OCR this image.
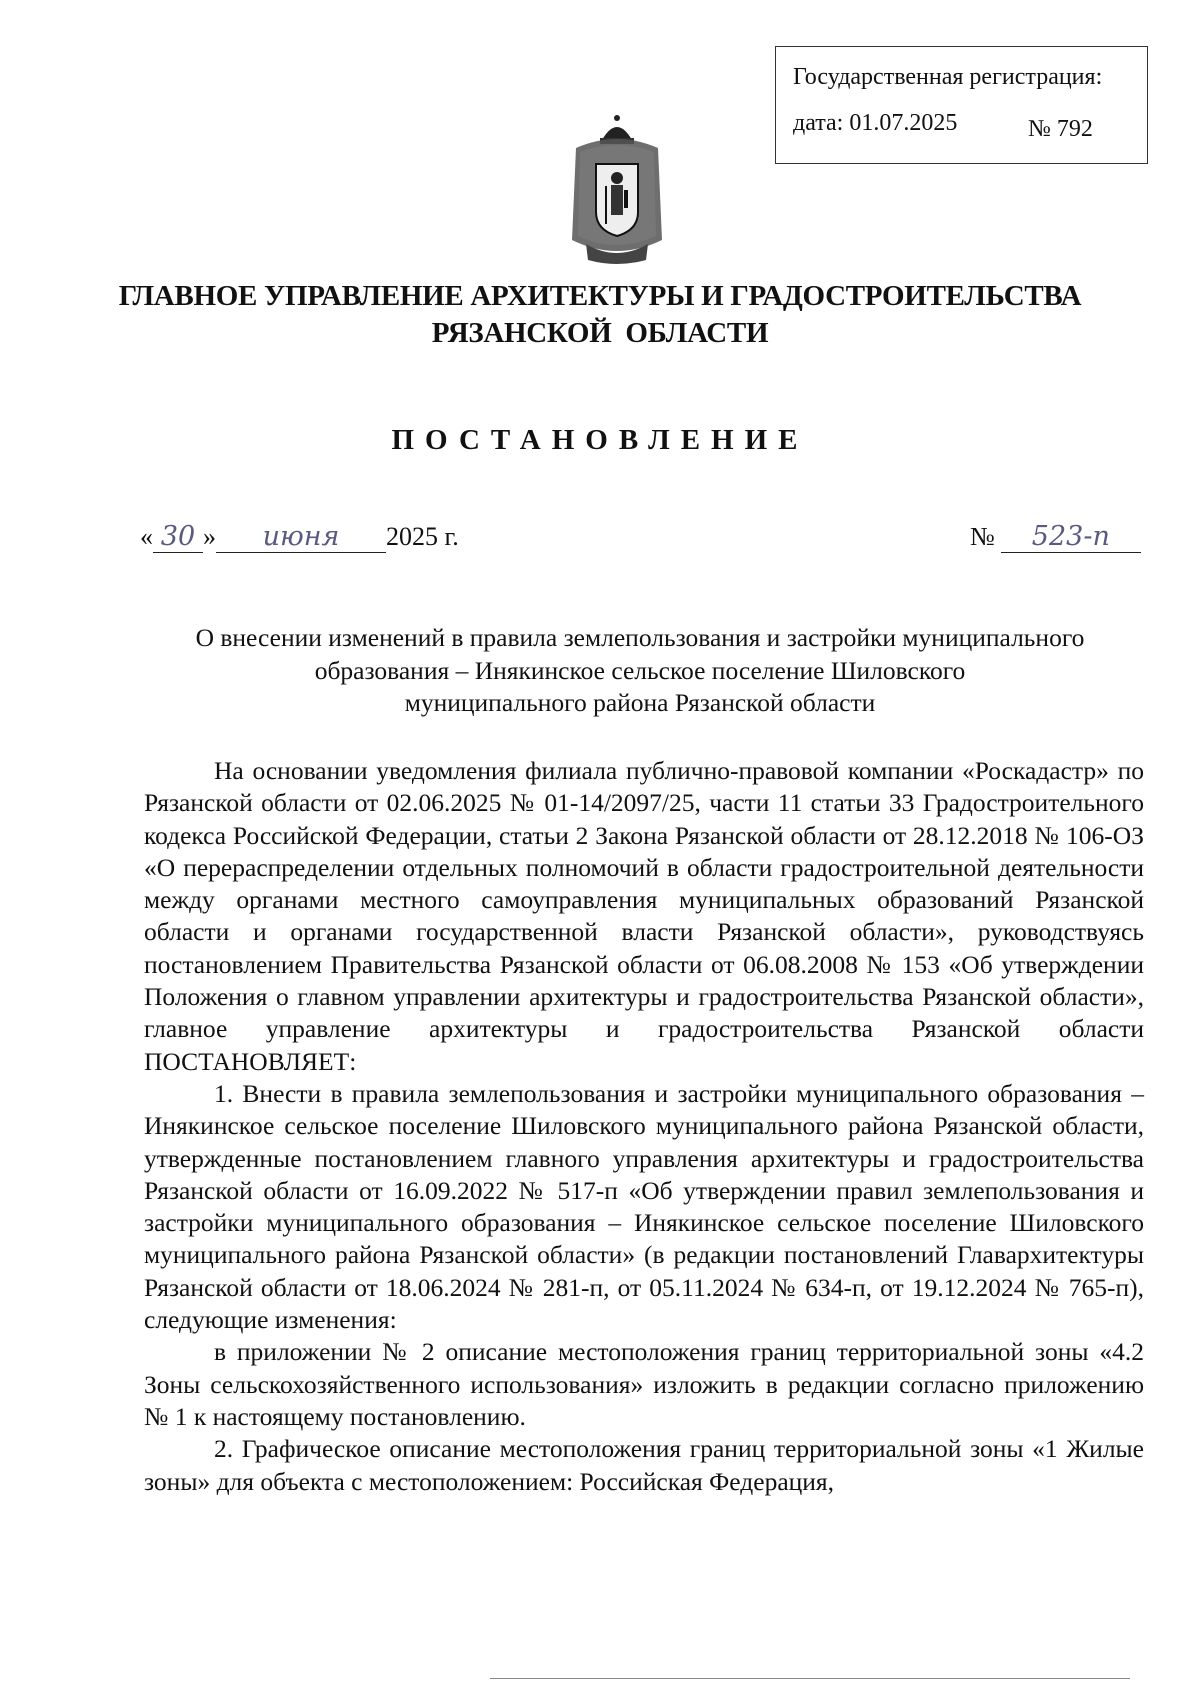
Государственная регистрация:
дата: 01.07.2025	№ 792
ГЛАВНОЕ УПРАВЛЕНИЕ АРХИТЕКТУРЫ И ГРАДОСТРОИТЕЛЬСТВА
РЯЗАНСКОЙ  ОБЛАСТИ
ПОСТАНОВЛЕНИЕ
« 30 » июня 2025 г.	№ 523-п
О внесении изменений в правила землепользования и застройки муниципального
образования – Инякинское сельское поселение Шиловского
муниципального района Рязанской области

На основании уведомления филиала публично-правовой компании «Роскадастр» по Рязанской области от 02.06.2025 № 01-14/2097/25, части 11 статьи 33 Градостроительного кодекса Российской Федерации, статьи 2 Закона Рязанской области от 28.12.2018 № 106-ОЗ «О перераспределении отдельных полномочий в области градостроительной деятельности между органами местного самоуправления муниципальных образований Рязанской области и органами государственной власти Рязанской области», руководствуясь постановлением Правительства Рязанской области от 06.08.2008 № 153 «Об утверждении Положения о главном управлении архитектуры и градостроительства Рязанской области», главное управление архитектуры и градостроительства Рязанской области ПОСТАНОВЛЯЕТ:

1. Внести в правила землепользования и застройки муниципального образования – Инякинское сельское поселение Шиловского муниципального района Рязанской области, утвержденные постановлением главного управления архитектуры и градостроительства Рязанской области от 16.09.2022 № 517-п «Об утверждении правил землепользования и застройки муниципального образования – Инякинское сельское поселение Шиловского муниципального района Рязанской области» (в редакции постановлений Главархитектуры Рязанской области от 18.06.2024 № 281-п, от 05.11.2024 № 634-п, от 19.12.2024 № 765-п), следующие изменения:

в приложении № 2 описание местоположения границ территориальной зоны «4.2 Зоны сельскохозяйственного использования» изложить в редакции согласно приложению № 1 к настоящему постановлению.

2. Графическое описание местоположения границ территориальной зоны «1 Жилые зоны» для объекта с местоположением: Российская Федерация,
